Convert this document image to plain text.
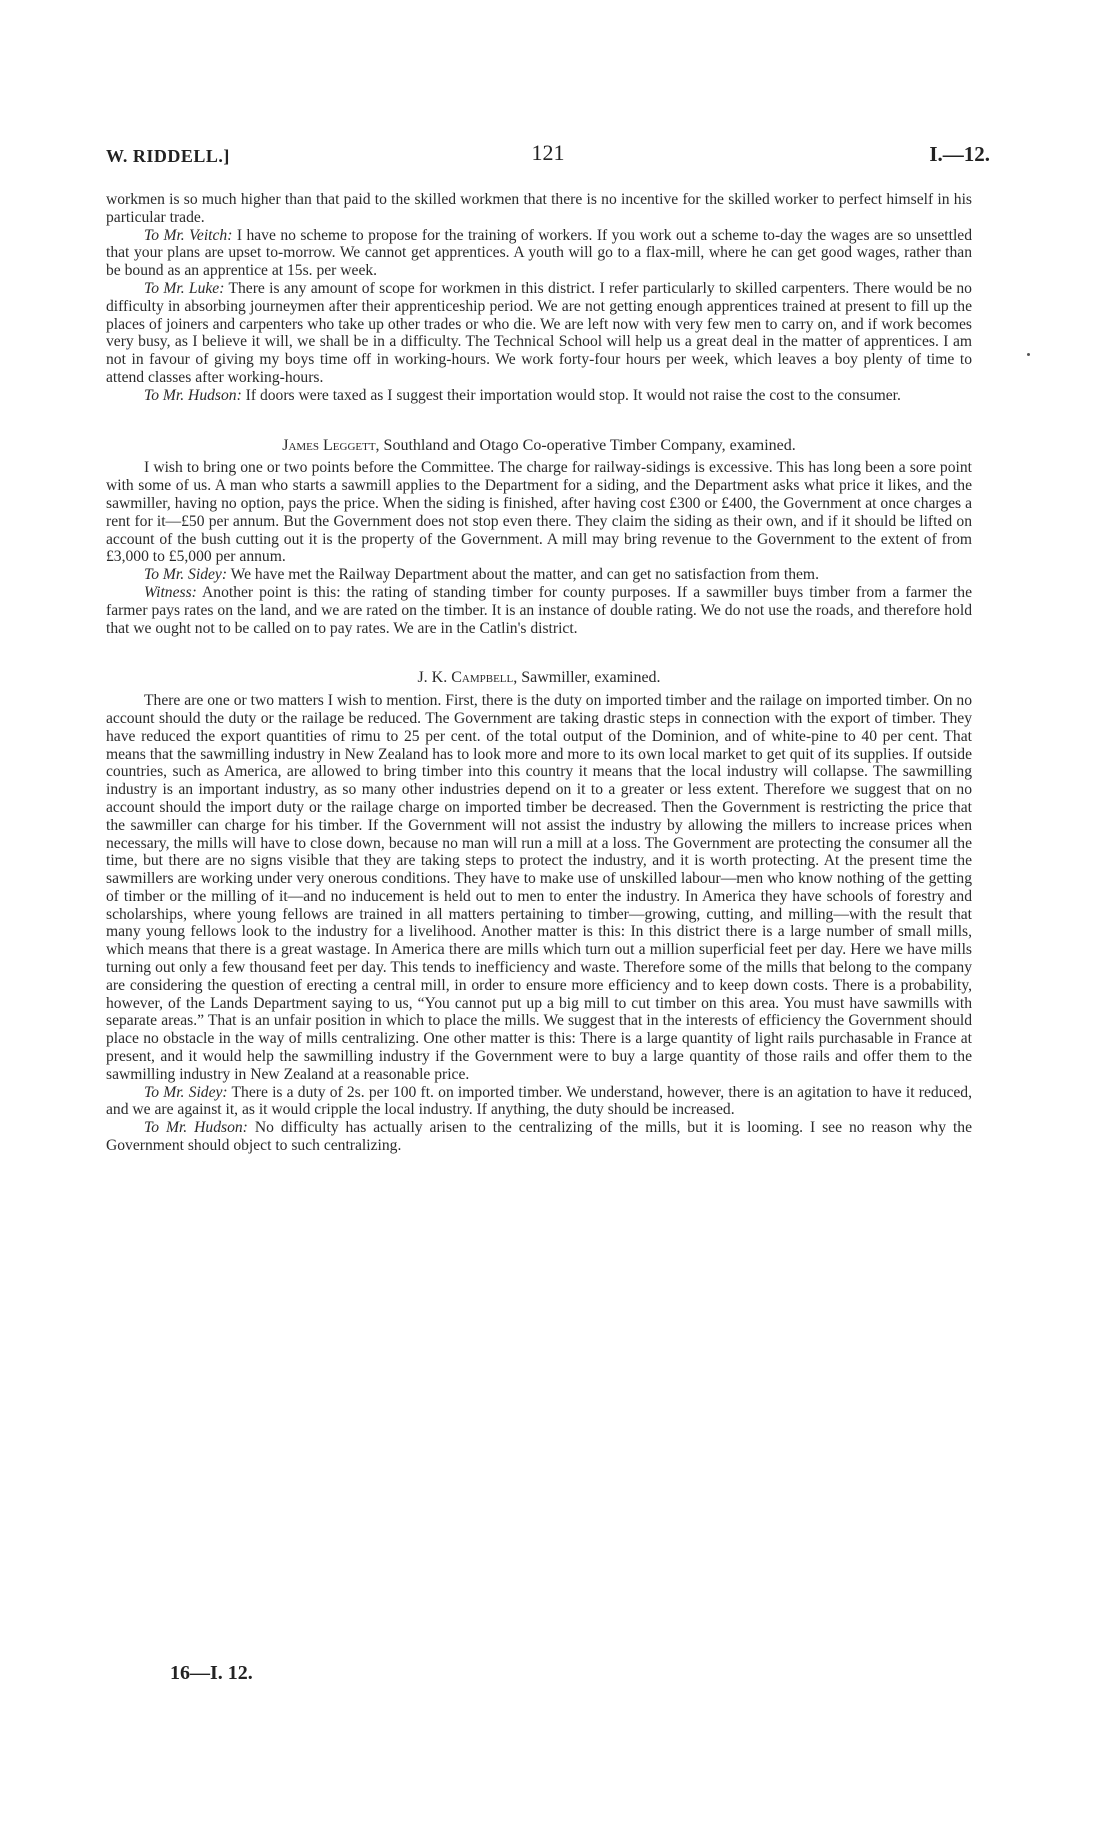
W. RIDDELL.]	121	I.—12.

workmen is so much higher than that paid to the skilled workmen that there is no incentive for the skilled worker to perfect himself in his particular trade.

To Mr. Veitch: I have no scheme to propose for the training of workers. If you work out a scheme to-day the wages are so unsettled that your plans are upset to-morrow. We cannot get apprentices. A youth will go to a flax-mill, where he can get good wages, rather than be bound as an apprentice at 15s. per week.

To Mr. Luke: There is any amount of scope for workmen in this district. I refer particularly to skilled carpenters. There would be no difficulty in absorbing journeymen after their apprenticeship period. We are not getting enough apprentices trained at present to fill up the places of joiners and carpenters who take up other trades or who die. We are left now with very few men to carry on, and if work becomes very busy, as I believe it will, we shall be in a difficulty. The Technical School will help us a great deal in the matter of apprentices. I am not in favour of giving my boys time off in working-hours. We work forty-four hours per week, which leaves a boy plenty of time to attend classes after working-hours.

To Mr. Hudson: If doors were taxed as I suggest their importation would stop. It would not raise the cost to the consumer.

James Leggett, Southland and Otago Co-operative Timber Company, examined.

I wish to bring one or two points before the Committee. The charge for railway-sidings is excessive. This has long been a sore point with some of us. A man who starts a sawmill applies to the Department for a siding, and the Department asks what price it likes, and the sawmiller, having no option, pays the price. When the siding is finished, after having cost £300 or £400, the Government at once charges a rent for it—£50 per annum. But the Government does not stop even there. They claim the siding as their own, and if it should be lifted on account of the bush cutting out it is the property of the Government. A mill may bring revenue to the Government to the extent of from £3,000 to £5,000 per annum.

To Mr. Sidey: We have met the Railway Department about the matter, and can get no satisfaction from them.

Witness: Another point is this: the rating of standing timber for county purposes. If a sawmiller buys timber from a farmer the farmer pays rates on the land, and we are rated on the timber. It is an instance of double rating. We do not use the roads, and therefore hold that we ought not to be called on to pay rates. We are in the Catlin's district.

J. K. Campbell, Sawmiller, examined.

There are one or two matters I wish to mention. First, there is the duty on imported timber and the railage on imported timber. On no account should the duty or the railage be reduced. The Government are taking drastic steps in connection with the export of timber. They have reduced the export quantities of rimu to 25 per cent. of the total output of the Dominion, and of white-pine to 40 per cent. That means that the sawmilling industry in New Zealand has to look more and more to its own local market to get quit of its supplies. If outside countries, such as America, are allowed to bring timber into this country it means that the local industry will collapse. The sawmilling industry is an important industry, as so many other industries depend on it to a greater or less extent. Therefore we suggest that on no account should the import duty or the railage charge on imported timber be decreased. Then the Government is restricting the price that the sawmiller can charge for his timber. If the Government will not assist the industry by allowing the millers to increase prices when necessary, the mills will have to close down, because no man will run a mill at a loss. The Government are protecting the consumer all the time, but there are no signs visible that they are taking steps to protect the industry, and it is worth protecting. At the present time the sawmillers are working under very onerous conditions. They have to make use of unskilled labour—men who know nothing of the getting of timber or the milling of it—and no inducement is held out to men to enter the industry. In America they have schools of forestry and scholarships, where young fellows are trained in all matters pertaining to timber—growing, cutting, and milling—with the result that many young fellows look to the industry for a livelihood. Another matter is this: In this district there is a large number of small mills, which means that there is a great wastage. In America there are mills which turn out a million superficial feet per day. Here we have mills turning out only a few thousand feet per day. This tends to inefficiency and waste. Therefore some of the mills that belong to the company are considering the question of erecting a central mill, in order to ensure more efficiency and to keep down costs. There is a probability, however, of the Lands Department saying to us, “You cannot put up a big mill to cut timber on this area. You must have sawmills with separate areas.” That is an unfair position in which to place the mills. We suggest that in the interests of efficiency the Government should place no obstacle in the way of mills centralizing. One other matter is this: There is a large quantity of light rails purchasable in France at present, and it would help the sawmilling industry if the Government were to buy a large quantity of those rails and offer them to the sawmilling industry in New Zealand at a reasonable price.

To Mr. Sidey: There is a duty of 2s. per 100 ft. on imported timber. We understand, however, there is an agitation to have it reduced, and we are against it, as it would cripple the local industry. If anything, the duty should be increased.

To Mr. Hudson: No difficulty has actually arisen to the centralizing of the mills, but it is looming. I see no reason why the Government should object to such centralizing.

16—I. 12.
